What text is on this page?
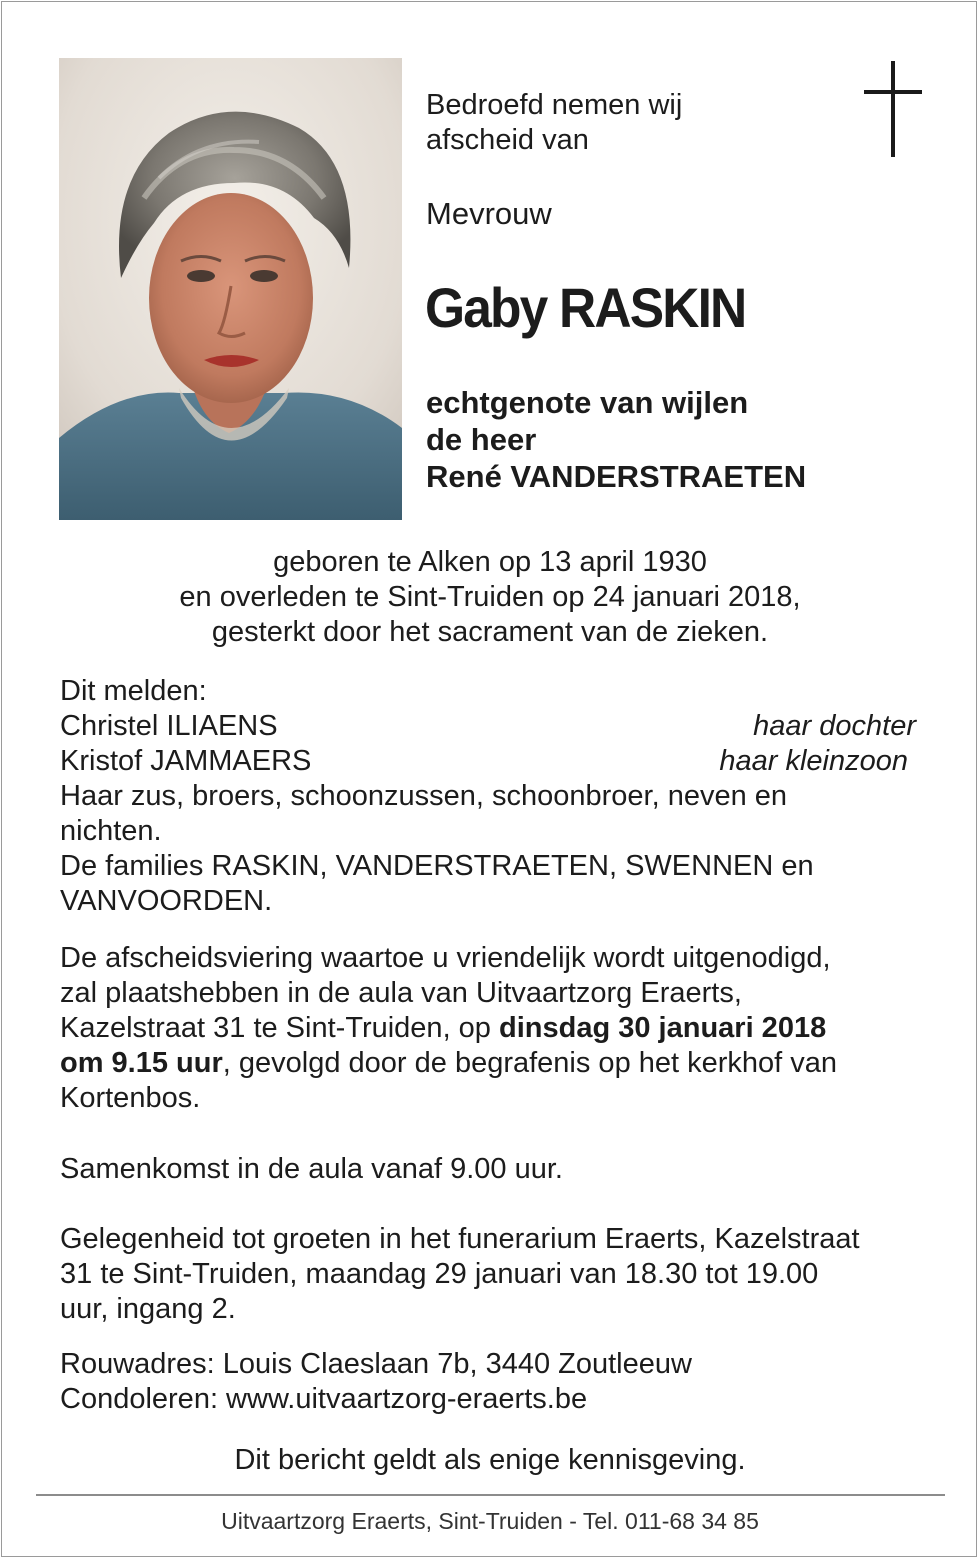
Bedroefd nemen wij

afscheid van

Mevrouw
Gaby RASKIN

echtgenote van wijlen

de heer

René VANDERSTRAETEN

geboren te Alken op 13 april 1930

en overleden te Sint-Truiden op 24 januari 2018,

gesterkt door het sacrament van de zieken.

Dit melden:

Christel ILIAENS	haar dochter
Kristof JAMMAERS	haar kleinzoon

Haar zus, broers, schoonzussen, schoonbroer, neven en

nichten.

De families RASKIN, VANDERSTRAETEN, SWENNEN en

VANVOORDEN.

De afscheidsviering waartoe u vriendelijk wordt uitgenodigd,

zal plaatshebben in de aula van Uitvaartzorg Eraerts,

Kazelstraat 31 te Sint-Truiden, op dinsdag 30 januari 2018

om 9.15 uur, gevolgd door de begrafenis op het kerkhof van

Kortenbos.

Samenkomst in de aula vanaf 9.00 uur.

Gelegenheid tot groeten in het funerarium Eraerts, Kazelstraat

31 te Sint-Truiden, maandag 29 januari van 18.30 tot 19.00

uur, ingang 2.

Rouwadres: Louis Claeslaan 7b, 3440 Zoutleeuw

Condoleren: www.uitvaartzorg-eraerts.be

Dit bericht geldt als enige kennisgeving.
Uitvaartzorg Eraerts, Sint-Truiden - Tel. 011-68 34 85
